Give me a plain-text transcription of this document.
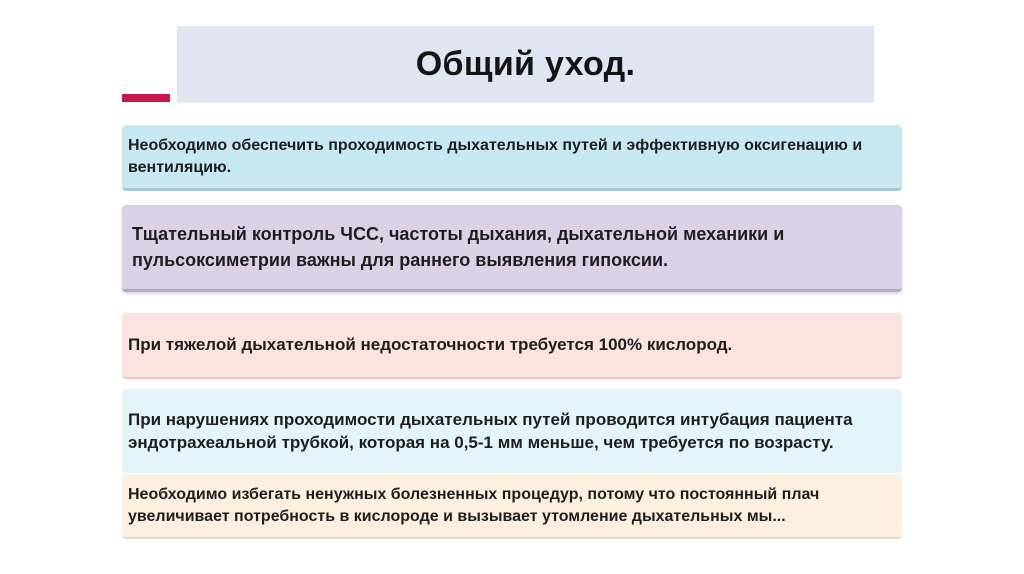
Общий уход.

Необходимо обеспечить проходимость дыхательных путей и эффективную оксигенацию и вентиляцию.

Тщательный контроль ЧСС, частоты дыхания, дыхательной механики и пульсоксиметрии важны для раннего выявления гипоксии.

При тяжелой дыхательной недостаточности требуется 100% кислород.

При нарушениях проходимости дыхательных путей проводится интубация пациента эндотрахеальной трубкой, которая на 0,5-1 мм меньше, чем требуется по возрасту.

Необходимо избегать ненужных болезненных процедур, потому что постоянный плач увеличивает потребность в кислороде и вызывает утомление дыхательных мы...
